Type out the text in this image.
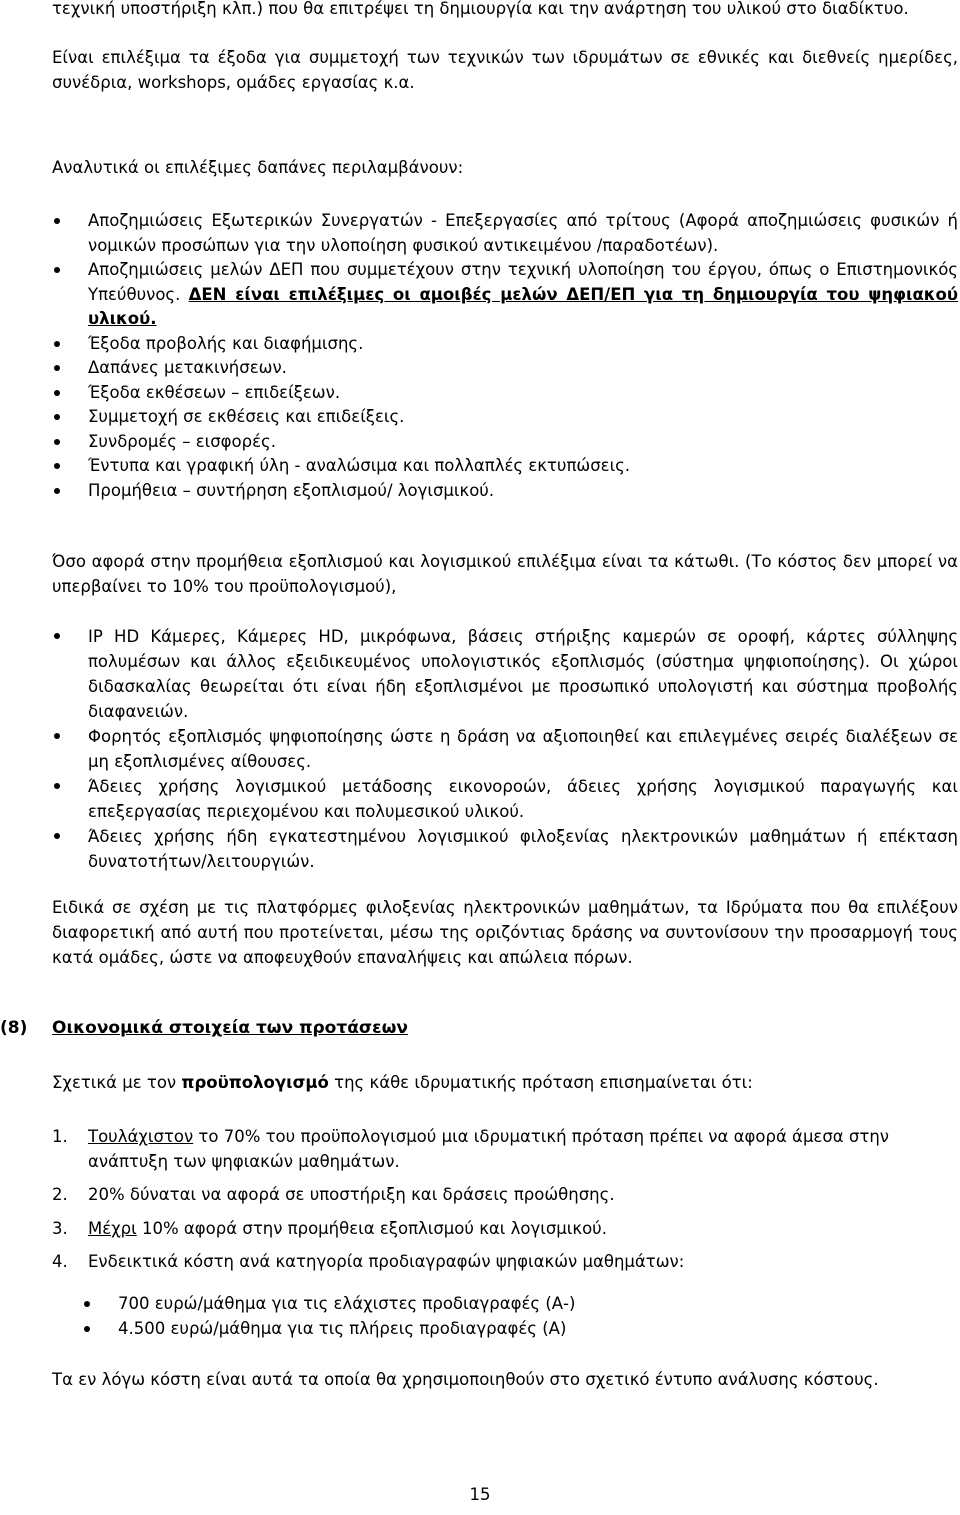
τεχνική υποστήριξη κλπ.) που θα επιτρέψει τη δημιουργία και την ανάρτηση του υλικού στο διαδίκτυο.

Είναι επιλέξιμα τα έξοδα για συμμετοχή των τεχνικών των ιδρυμάτων σε εθνικές και διεθνείς ημερίδες, συνέδρια, workshops, ομάδες εργασίας κ.α.

Αναλυτικά οι επιλέξιμες δαπάνες περιλαμβάνουν:

Αποζημιώσεις Εξωτερικών Συνεργατών - Επεξεργασίες από τρίτους (Αφορά αποζημιώσεις φυσικών ή νομικών προσώπων για την υλοποίηση φυσικού αντικειμένου /παραδοτέων).
Αποζημιώσεις μελών ΔΕΠ που συμμετέχουν στην τεχνική υλοποίηση του έργου, όπως ο Επιστημονικός Υπεύθυνος. ΔΕΝ είναι επιλέξιμες οι αμοιβές μελών ΔΕΠ/ΕΠ για τη δημιουργία του ψηφιακού υλικού.
Έξοδα προβολής και διαφήμισης.
Δαπάνες μετακινήσεων.
Έξοδα εκθέσεων – επιδείξεων.
Συμμετοχή σε εκθέσεις και επιδείξεις.
Συνδρομές – εισφορές.
Έντυπα και γραφική ύλη - αναλώσιμα και πολλαπλές εκτυπώσεις.
Προμήθεια – συντήρηση εξοπλισμού/ λογισμικού.

Όσο αφορά στην προμήθεια εξοπλισμού και λογισμικού επιλέξιμα είναι τα κάτωθι. (Το κόστος δεν μπορεί να υπερβαίνει το 10% του προϋπολογισμού),

IP HD Κάμερες, Κάμερες HD, μικρόφωνα, βάσεις στήριξης καμερών σε οροφή, κάρτες σύλληψης πολυμέσων και άλλος εξειδικευμένος υπολογιστικός εξοπλισμός (σύστημα ψηφιοποίησης). Οι χώροι διδασκαλίας θεωρείται ότι είναι ήδη εξοπλισμένοι με προσωπικό υπολογιστή και σύστημα προβολής διαφανειών.
Φορητός εξοπλισμός ψηφιοποίησης ώστε η δράση να αξιοποιηθεί και επιλεγμένες σειρές διαλέξεων σε μη εξοπλισμένες αίθουσες.
Άδειες χρήσης λογισμικού μετάδοσης εικονοροών, άδειες χρήσης λογισμικού παραγωγής και επεξεργασίας περιεχομένου και πολυμεσικού υλικού.
Άδειες χρήσης ήδη εγκατεστημένου λογισμικού φιλοξενίας ηλεκτρονικών μαθημάτων ή επέκταση δυνατοτήτων/λειτουργιών.

Ειδικά σε σχέση με τις πλατφόρμες φιλοξενίας ηλεκτρονικών μαθημάτων, τα Ιδρύματα που θα επιλέξουν διαφορετική από αυτή που προτείνεται, μέσω της οριζόντιας δράσης να συντονίσουν την προσαρμογή τους κατά ομάδες, ώστε να αποφευχθούν επαναλήψεις και απώλεια πόρων.

(8) Οικονομικά στοιχεία των προτάσεων

Σχετικά με τον προϋπολογισμό της κάθε ιδρυματικής πρόταση επισημαίνεται ότι:

1. Τουλάχιστον το 70% του προϋπολογισμού μια ιδρυματική πρόταση πρέπει να αφορά άμεσα στην ανάπτυξη των ψηφιακών μαθημάτων.
2. 20% δύναται να αφορά σε υποστήριξη και δράσεις προώθησης.
3. Μέχρι 10% αφορά στην προμήθεια εξοπλισμού και λογισμικού.
4. Ενδεικτικά κόστη ανά κατηγορία προδιαγραφών ψηφιακών μαθημάτων:
700 ευρώ/μάθημα για τις ελάχιστες προδιαγραφές (Α-)
4.500 ευρώ/μάθημα για τις πλήρεις προδιαγραφές (Α)

Τα εν λόγω κόστη είναι αυτά τα οποία θα χρησιμοποιηθούν στο σχετικό έντυπο ανάλυσης κόστους.

15
